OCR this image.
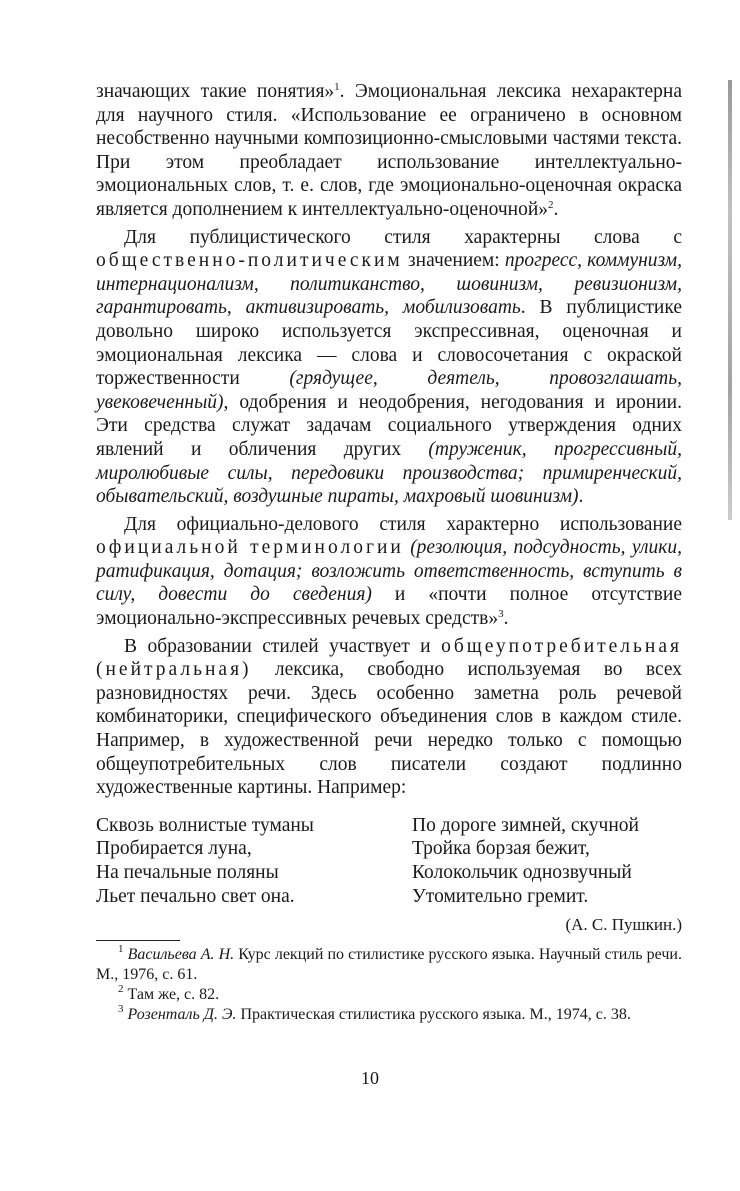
значающих такие понятия»$^1$. Эмоциональная лексика нехарактерна для научного стиля. «Использование ее ограничено в основном несобственно научными композиционно-смысловыми частями текста. При этом преобладает использование интеллектуально-эмоциональных слов, т. е. слов, где эмоционально-оценочная окраска является дополнением к интеллектуально-оценочной»$^2$.

Для публицистического стиля характерны слова с общественно-политическим значением: прогресс, коммунизм, интернационализм, политиканство, шовинизм, ревизионизм, гарантировать, активизировать, мобилизовать. В публицистике довольно широко используется экспрессивная, оценочная и эмоциональная лексика — слова и словосочетания с окраской торжественности (грядущее, деятель, провозглашать, увековеченный), одобрения и неодобрения, негодования и иронии. Эти средства служат задачам социального утверждения одних явлений и обличения других (труженик, прогрессивный, миролюбивые силы, передовики производства; примиренческий, обывательский, воздушные пираты, махровый шовинизм).

Для официально-делового стиля характерно использование официальной терминологии (резолюция, подсудность, улики, ратификация, дотация; возложить ответственность, вступить в силу, довести до сведения) и «почти полное отсутствие эмоционально-экспрессивных речевых средств»$^3$.

В образовании стилей участвует и общеупотребительная (нейтральная) лексика, свободно используемая во всех разновидностях речи. Здесь особенно заметна роль речевой комбинаторики, специфического объединения слов в каждом стиле. Например, в художественной речи нередко только с помощью общеупотребительных слов писатели создают подлинно художественные картины. Например:

Сквозь волнистые туманы
Пробирается луна,
На печальные поляны
Льет печально свет она.
По дороге зимней, скучной
Тройка борзая бежит,
Колокольчик однозвучный
Утомительно гремит.
(А. С. Пушкин.)

$^1$ Васильева А. Н. Курс лекций по стилистике русского языка. Научный стиль речи. М., 1976, с. 61.

$^2$ Там же, с. 82.

$^3$ Розенталь Д. Э. Практическая стилистика русского языка. М., 1974, с. 38.

10
